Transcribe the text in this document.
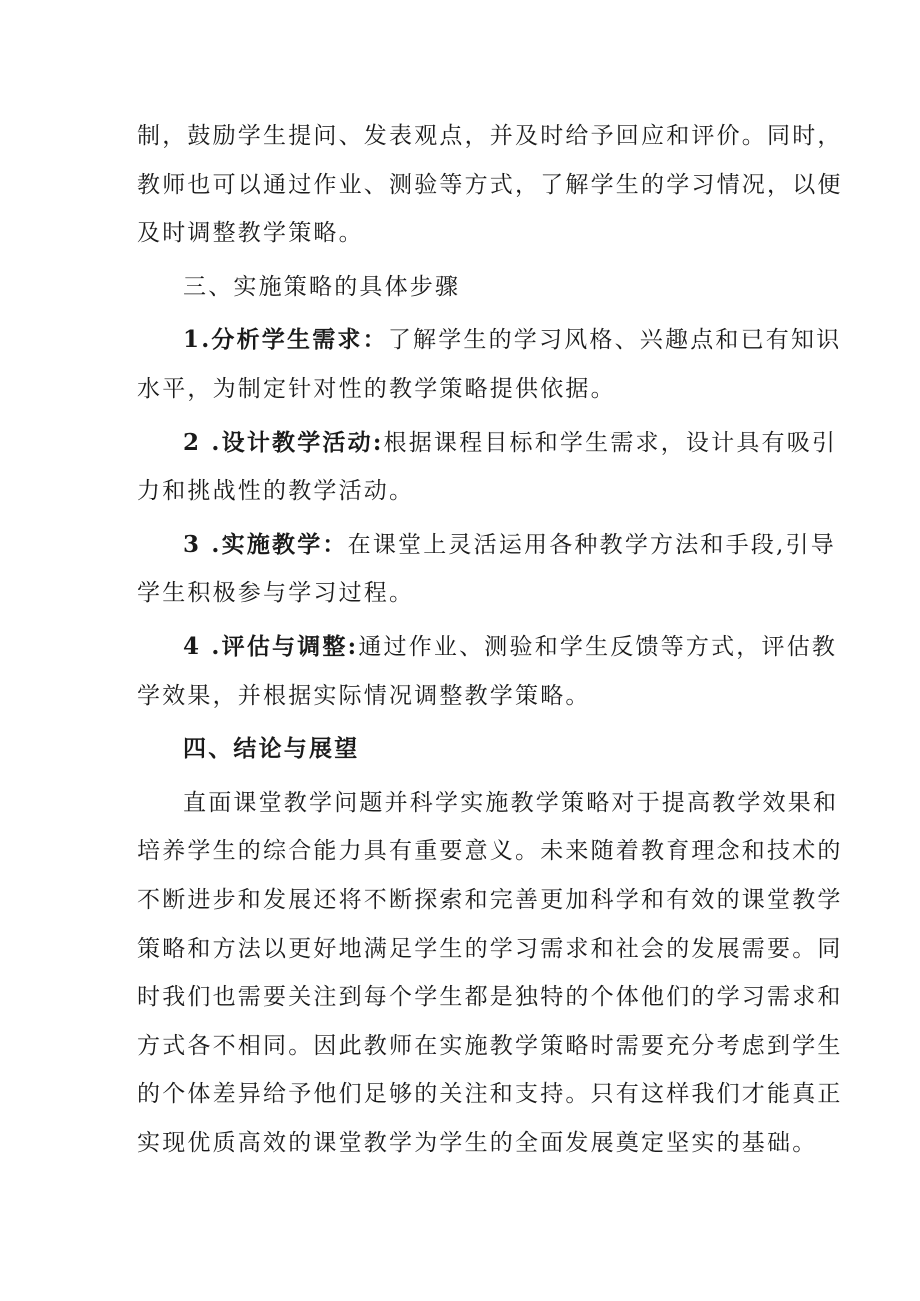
制，鼓励学生提问、发表观点，并及时给予回应和评价。同时，
教师也可以通过作业、测验等方式，了解学生的学习情况，以便
及时调整教学策略。
三、实施策略的具体步骤
1.分析学生需求：了解学生的学习风格、兴趣点和已有知识
水平，为制定针对性的教学策略提供依据。
2 .设计教学活动:根据课程目标和学生需求，设计具有吸引
力和挑战性的教学活动。
3 .实施教学：在课堂上灵活运用各种教学方法和手段,引导
学生积极参与学习过程。
4 .评估与调整:通过作业、测验和学生反馈等方式，评估教
学效果，并根据实际情况调整教学策略。
四、结论与展望
直面课堂教学问题并科学实施教学策略对于提高教学效果和
培养学生的综合能力具有重要意义。未来随着教育理念和技术的
不断进步和发展还将不断探索和完善更加科学和有效的课堂教学
策略和方法以更好地满足学生的学习需求和社会的发展需要。同
时我们也需要关注到每个学生都是独特的个体他们的学习需求和
方式各不相同。因此教师在实施教学策略时需要充分考虑到学生
的个体差异给予他们足够的关注和支持。只有这样我们才能真正
实现优质高效的课堂教学为学生的全面发展奠定坚实的基础。
